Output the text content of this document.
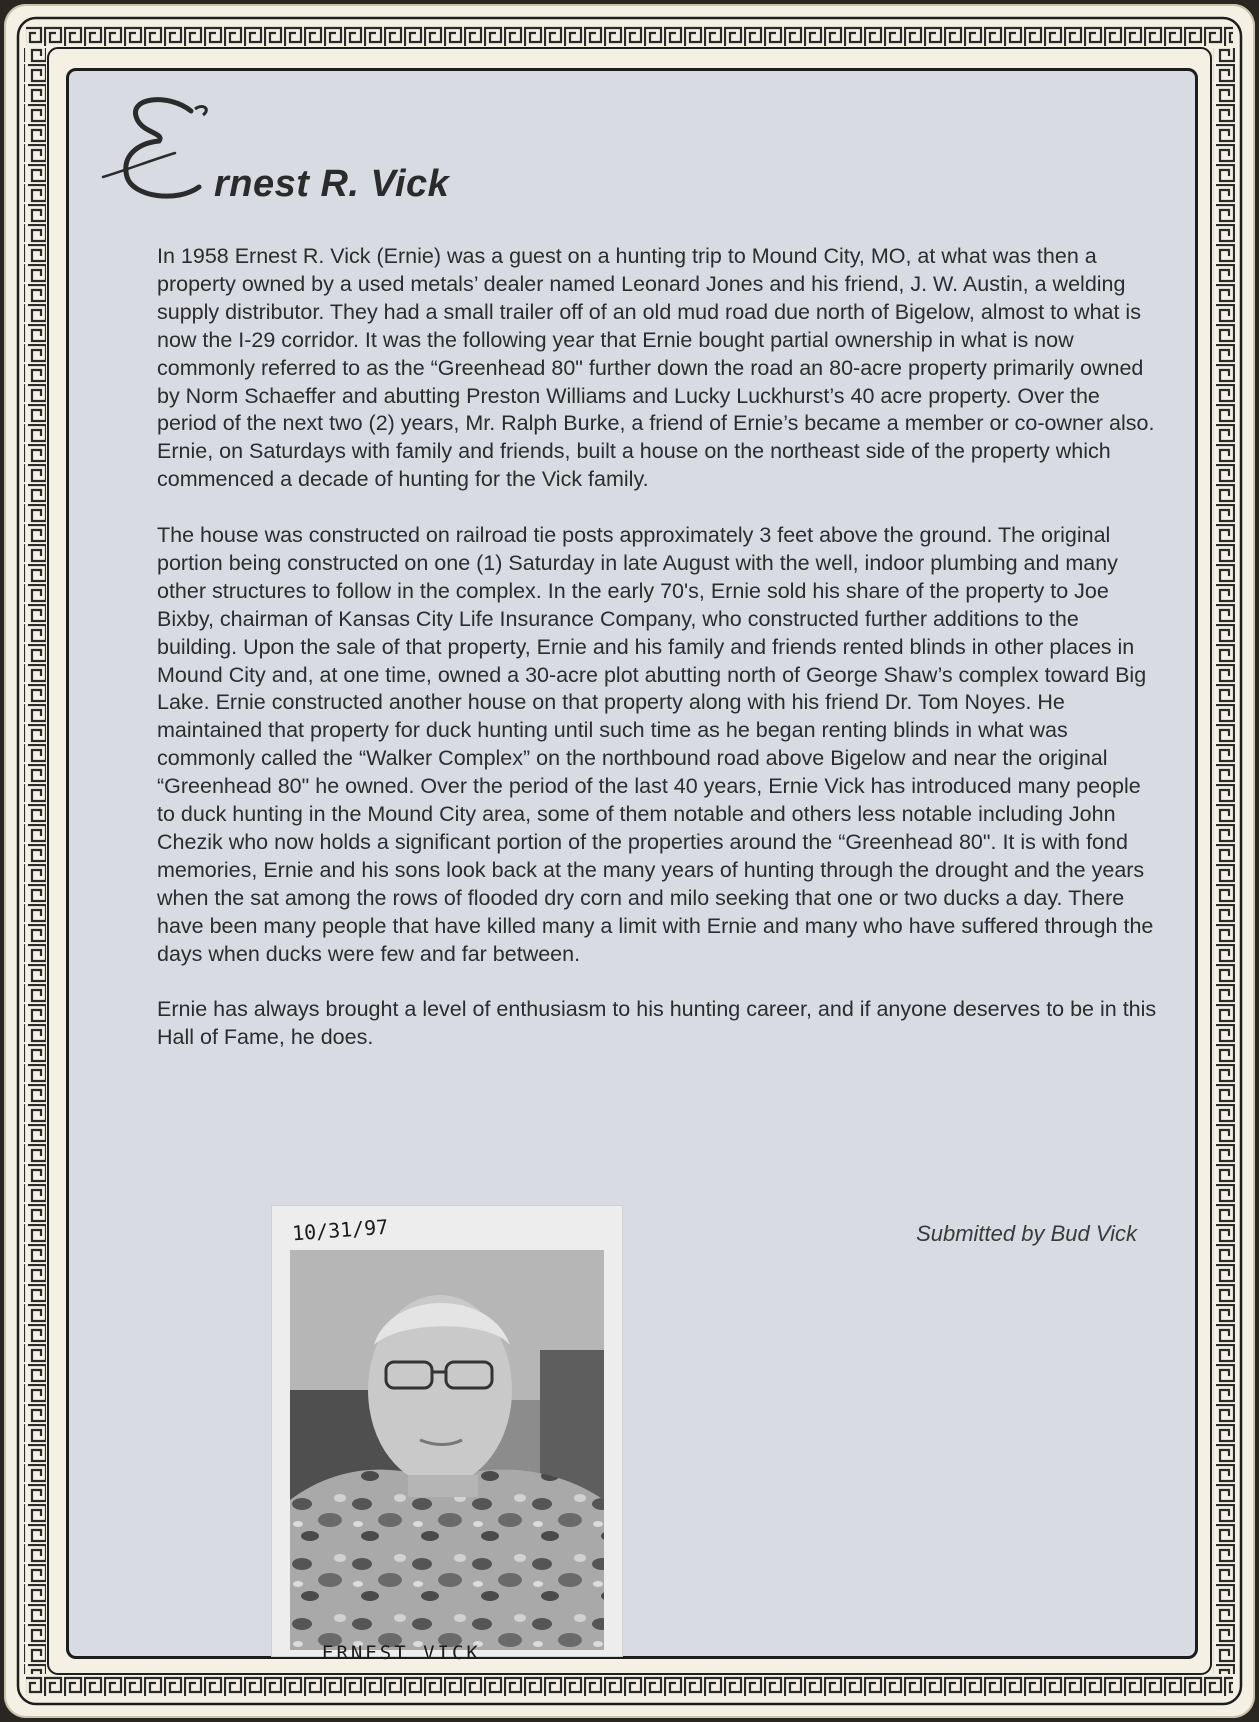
rnest R. Vick

In 1958 Ernest R. Vick (Ernie) was a guest on a hunting trip to Mound City, MO, at what was then a property owned by a used metals’ dealer named Leonard Jones and his friend, J. W. Austin, a welding supply distributor. They had a small trailer off of an old mud road due north of Bigelow, almost to what is now the I-29 corridor. It was the following year that Ernie bought partial ownership in what is now commonly referred to as the “Greenhead 80" further down the road an 80-acre property primarily owned by Norm Schaeffer and abutting Preston Williams and Lucky Luckhurst’s 40 acre property. Over the period of the next two (2) years, Mr. Ralph Burke, a friend of Ernie’s became a member or co-owner also. Ernie, on Saturdays with family and friends, built a house on the northeast side of the property which commenced a decade of hunting for the Vick family.

The house was constructed on railroad tie posts approximately 3 feet above the ground. The original portion being constructed on one (1) Saturday in late August with the well, indoor plumbing and many other structures to follow in the complex. In the early 70's, Ernie sold his share of the property to Joe Bixby, chairman of Kansas City Life Insurance Company, who constructed further additions to the building. Upon the sale of that property, Ernie and his family and friends rented blinds in other places in Mound City and, at one time, owned a 30-acre plot abutting north of George Shaw’s complex toward Big Lake. Ernie constructed another house on that property along with his friend Dr. Tom Noyes. He maintained that property for duck hunting until such time as he began renting blinds in what was commonly called the “Walker Complex” on the northbound road above Bigelow and near the original “Greenhead 80" he owned. Over the period of the last 40 years, Ernie Vick has introduced many people to duck hunting in the Mound City area, some of them notable and others less notable including John Chezik who now holds a significant portion of the properties around the “Greenhead 80". It is with fond memories, Ernie and his sons look back at the many years of hunting through the drought and the years when the sat among the rows of flooded dry corn and milo seeking that one or two ducks a day. There have been many people that have killed many a limit with Ernie and many who have suffered through the days when ducks were few and far between.

Ernie has always brought a level of enthusiasm to his hunting career, and if anyone deserves to be in this Hall of Fame, he does.

Submitted by Bud Vick
10/31/97
ERNEST VICK
